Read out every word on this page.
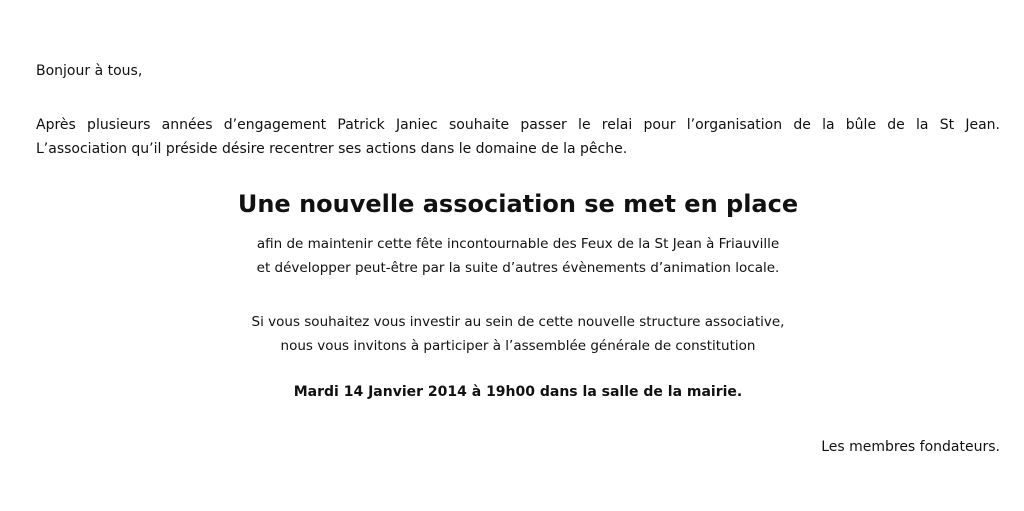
Bonjour à tous,
Après plusieurs années d’engagement Patrick Janiec souhaite passer le relai pour l’organisation de la bûle de la St Jean.
L’association qu’il préside désire recentrer ses actions dans le domaine de la pêche.
Une nouvelle association se met en place
afin de maintenir cette fête incontournable des Feux de la St Jean à Friauville
et développer peut-être par la suite d’autres évènements d’animation locale.
Si vous souhaitez vous investir au sein de cette nouvelle structure associative,
nous vous invitons à participer à l’assemblée générale de constitution
Mardi 14 Janvier 2014 à 19h00 dans la salle de la mairie.
Les membres fondateurs.
